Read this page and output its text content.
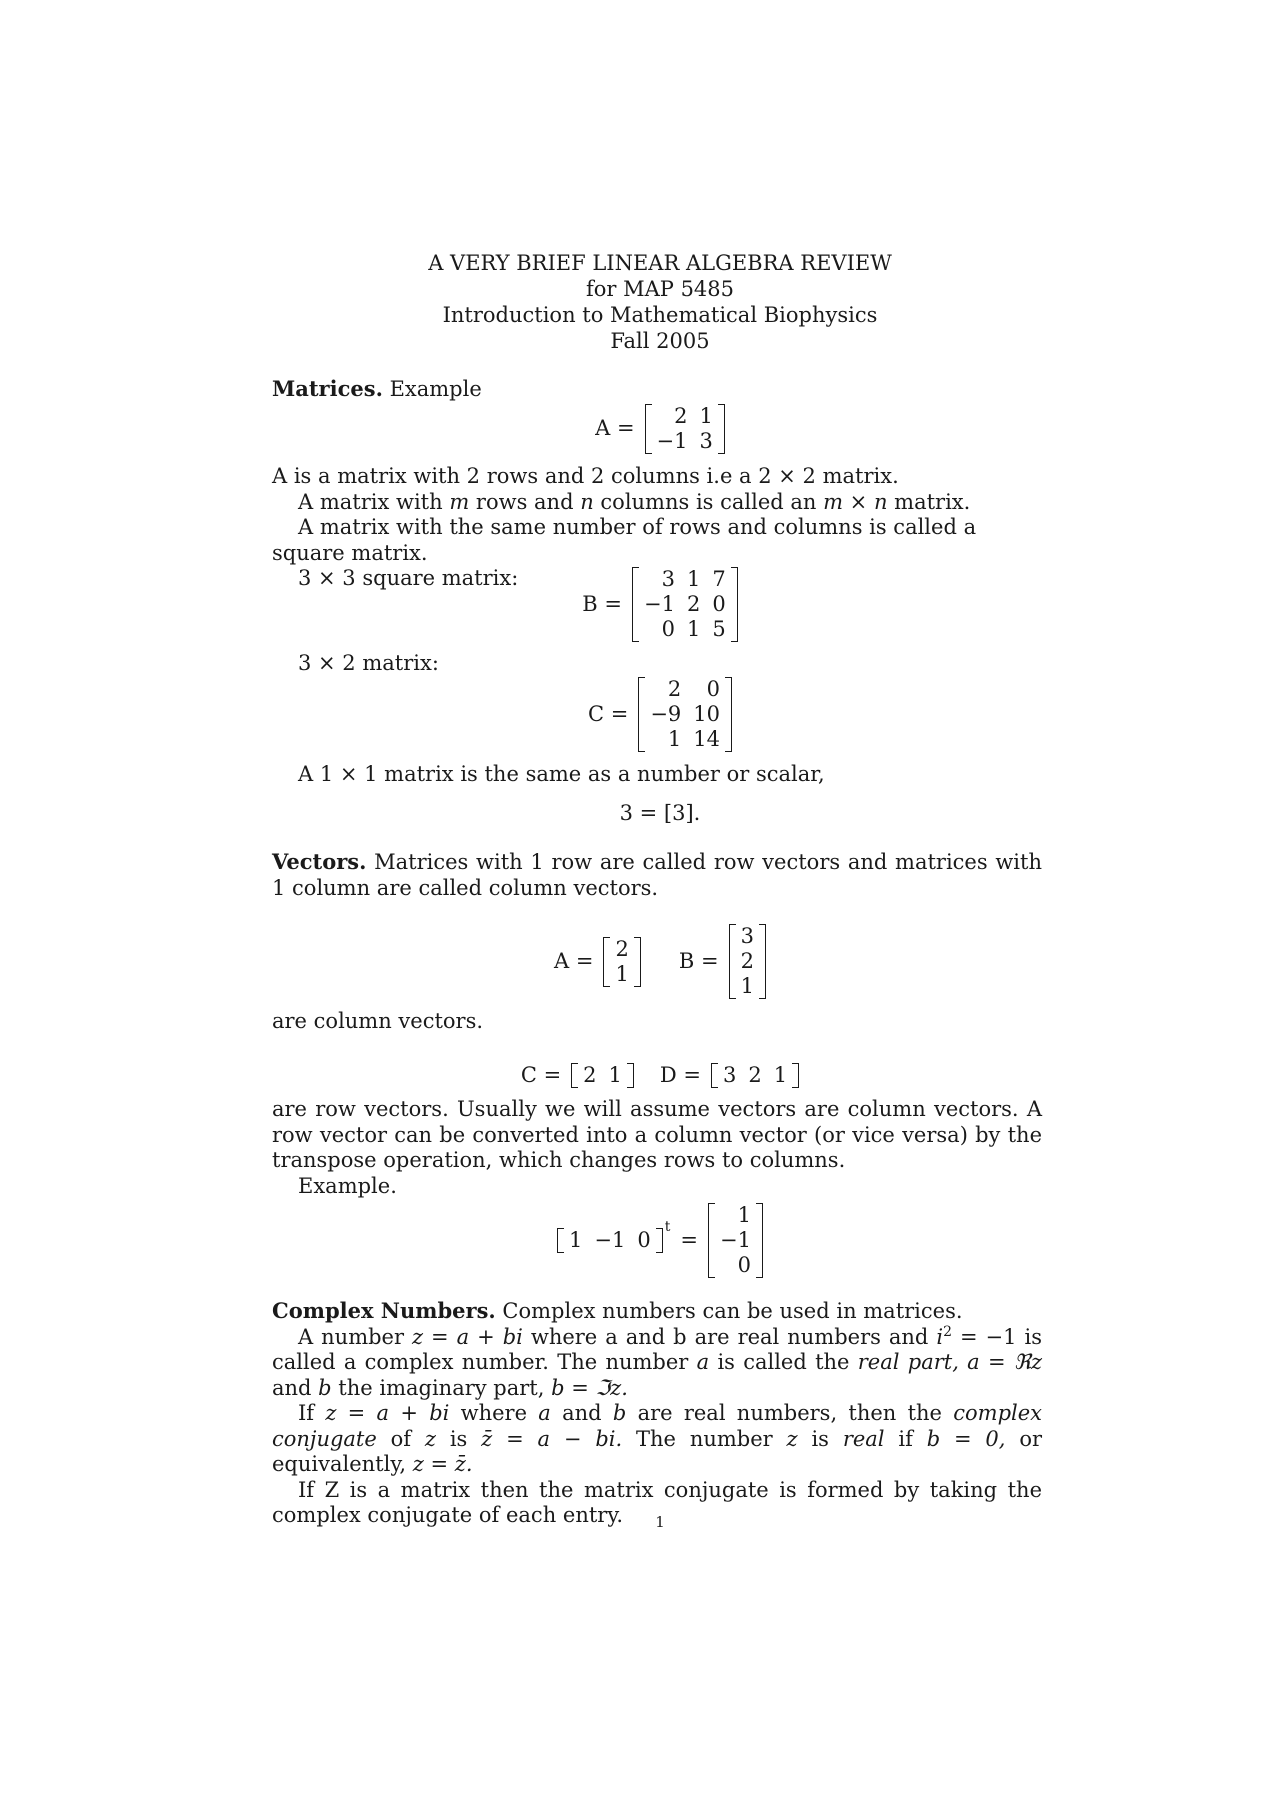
A VERY BRIEF LINEAR ALGEBRA REVIEW
for MAP 5485
Introduction to Mathematical Biophysics
Fall 2005
Matrices. Example
A =
2	1
−1	3
A is a matrix with 2 rows and 2 columns i.e a 2 × 2 matrix.
A matrix with m rows and n columns is called an m × n matrix.
A matrix with the same number of rows and columns is called a square matrix.
3 × 3 square matrix:
B =
3	1	7
−1	2	0
0	1	5
3 × 2 matrix:
C =
2	0
−9	10
1	14
A 1 × 1 matrix is the same as a number or scalar,
3 = [3].
Vectors. Matrices with 1 row are called row vectors and matrices with 1 column are called column vectors.
A =
2
1
B =
3
2
1
are column vectors.
C = 2	1 D = 3	2	1
are row vectors. Usually we will assume vectors are column vectors. A row vector can be converted into a column vector (or vice versa) by the transpose operation, which changes rows to columns.
Example.
1	−1	0
$^t$
=
1
−1
0
Complex Numbers. Complex numbers can be used in matrices.
A number z = a + bi where a and b are real numbers and $i^2 = -1$ is called a complex number. The number a is called the real part, a = ℜz and b the imaginary part, b = ℑz.
If z = a + bi where a and b are real numbers, then the complex conjugate of z is z̄ = a − bi. The number z is real if b = 0, or equivalently, z = z̄.
If Z is a matrix then the matrix conjugate is formed by taking the complex conjugate of each entry.	1
